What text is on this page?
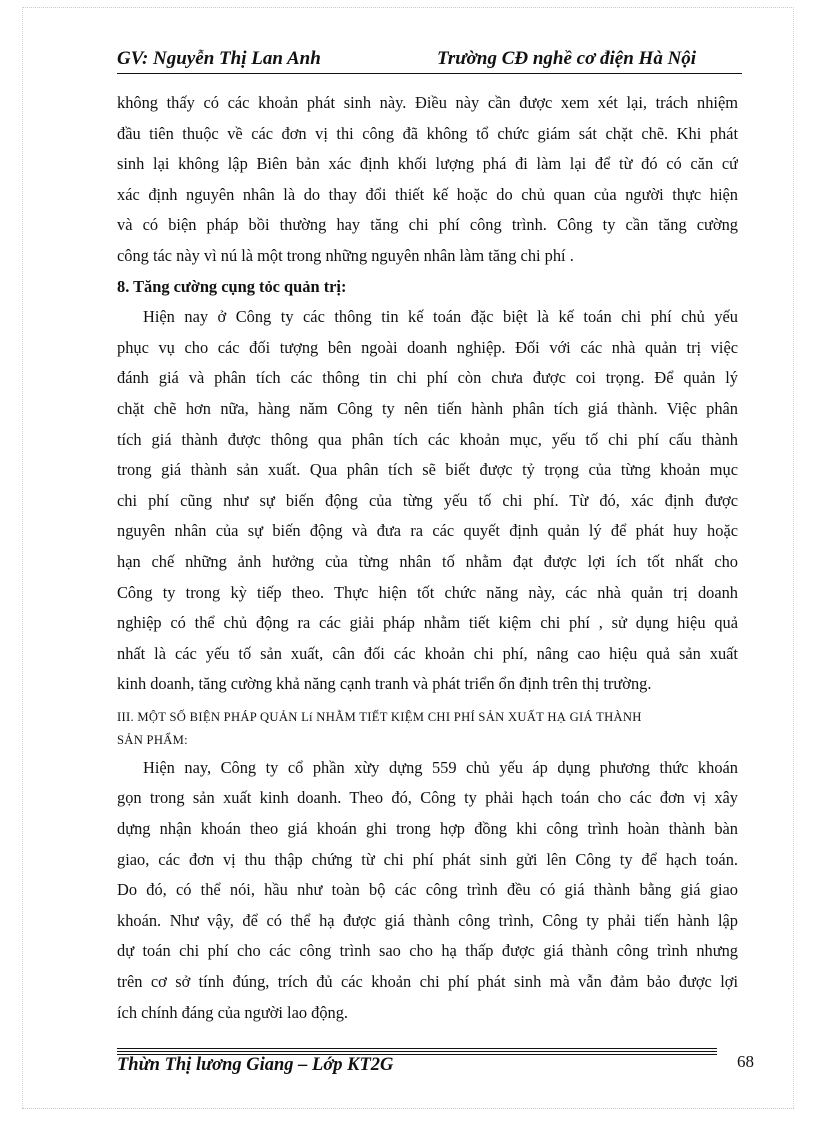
GV: Nguyễn Thị Lan Anh	Trường CĐ nghề cơ điện Hà Nội
không thấy có các khoản phát sinh này. Điều này cần được xem xét lại, trách nhiệm
đầu tiên thuộc về các đơn vị thi công đã không tổ chức giám sát chặt chẽ. Khi phát
sinh lại không lập Biên bản xác định khối lượng phá đi làm lại để từ đó có căn cứ
xác định nguyên nhân là do thay đổi thiết kế hoặc do chủ quan của người thực hiện
và có biện pháp bồi thường hay tăng chi phí công trình. Công ty cần tăng cường
công tác này vì nú là một trong những nguyên nhân làm tăng chi phí .
8. Tăng cường cụng tỏc quản trị:
Hiện nay ở Công ty các thông tin kế toán đặc biệt là kế toán chi phí chủ yếu
phục vụ cho các đối tượng bên ngoài doanh nghiệp. Đối với các nhà quản trị việc
đánh giá và phân tích các thông tin chi phí còn chưa được coi trọng. Để quản lý
chặt chẽ hơn nữa, hàng năm Công ty nên tiến hành phân tích giá thành. Việc phân
tích giá thành được thông qua phân tích các khoản mục, yếu tố chi phí cấu thành
trong giá thành sản xuất. Qua phân tích sẽ biết được tỷ trọng của từng khoản mục
chi phí cũng như sự biến động của từng yếu tố chi phí. Từ đó, xác định được
nguyên nhân của sự biến động và đưa ra các quyết định quản lý để phát huy hoặc
hạn chế những ảnh hưởng của từng nhân tố nhằm đạt được lợi ích tốt nhất cho
Công ty trong kỳ tiếp theo. Thực hiện tốt chức năng này, các nhà quản trị doanh
nghiệp có thể chủ động ra các giải pháp nhằm tiết kiệm chi phí , sử dụng hiệu quả
nhất là các yếu tố sản xuất, cân đối các khoản chi phí, nâng cao hiệu quả sản xuất
kinh doanh, tăng cường khả năng cạnh tranh và phát triển ổn định trên thị trường.
III. MỘT SỐ BIỆN PHÁP QUẢN Lí NHẰM TIẾT KIỆM CHI PHÍ SẢN XUẤT HẠ GIÁ THÀNH
SẢN PHẨM:
Hiện nay, Công ty cổ phần xừy dựng 559 chủ yếu áp dụng phương thức khoán
gọn trong sản xuất kinh doanh. Theo đó, Công ty phải hạch toán cho các đơn vị xây
dựng nhận khoán theo giá khoán ghi trong hợp đồng khi công trình hoàn thành bàn
giao, các đơn vị thu thập chứng từ chi phí phát sinh gửi lên Công ty để hạch toán.
Do đó, có thể nói, hầu như toàn bộ các công trình đều có giá thành bằng giá giao
khoán. Như vậy, để có thể hạ được giá thành công trình, Công ty phải tiến hành lập
dự toán chi phí cho các công trình sao cho hạ thấp được giá thành công trình nhưng
trên cơ sở tính đúng, trích đủ các khoản chi phí phát sinh mà vẫn đảm bảo được lợi
ích chính đáng của người lao động.
Thừn Thị lương Giang – Lớp KT2G	68
